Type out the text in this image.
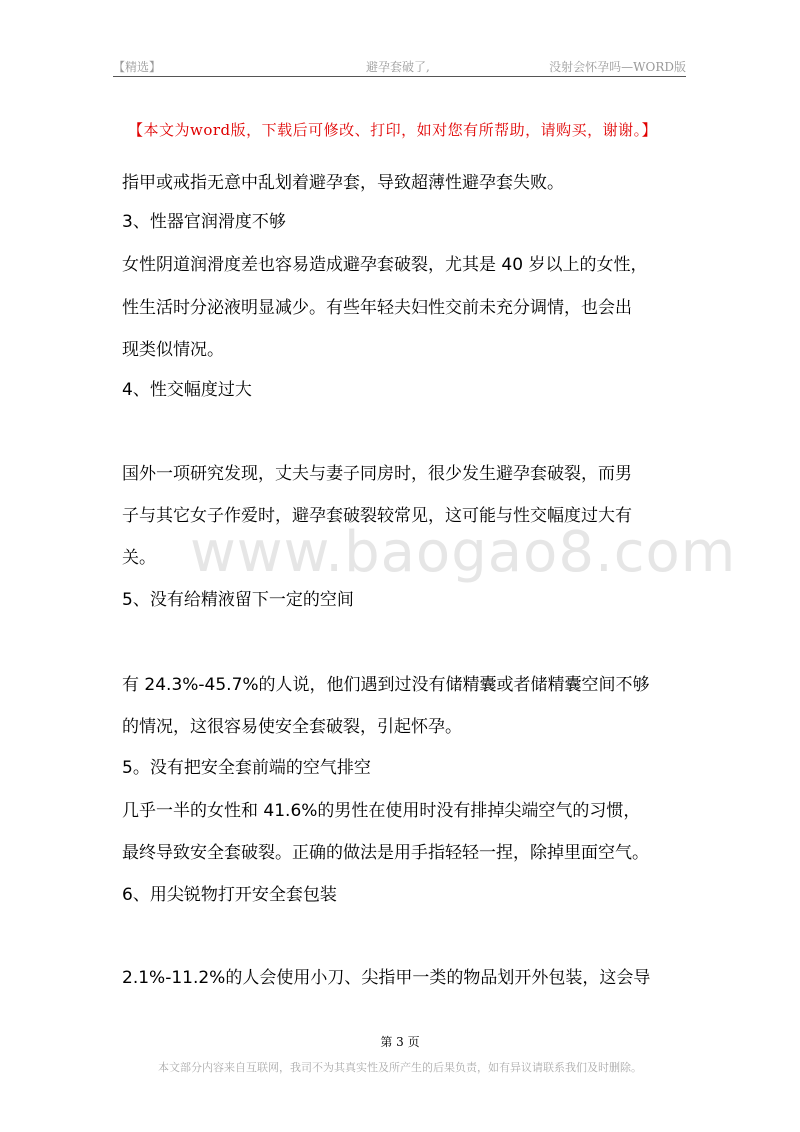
【精选】	避孕套破了,	没射会怀孕吗—WORD版
【本文为word版，下载后可修改、打印，如对您有所帮助，请购买，谢谢。】
www.baogao8.com
指甲或戒指无意中乱划着避孕套，导致超薄性避孕套失败。
3、性器官润滑度不够
女性阴道润滑度差也容易造成避孕套破裂，尤其是 40 岁以上的女性，
性生活时分泌液明显减少。有些年轻夫妇性交前未充分调情，也会出
现类似情况。
4、性交幅度过大
国外一项研究发现，丈夫与妻子同房时，很少发生避孕套破裂，而男
子与其它女子作爱时，避孕套破裂较常见，这可能与性交幅度过大有
关。
5、没有给精液留下一定的空间
有 24.3%-45.7%的人说，他们遇到过没有储精囊或者储精囊空间不够
的情况，这很容易使安全套破裂，引起怀孕。
5。没有把安全套前端的空气排空
几乎一半的女性和 41.6%的男性在使用时没有排掉尖端空气的习惯，
最终导致安全套破裂。正确的做法是用手指轻轻一捏，除掉里面空气。
6、用尖锐物打开安全套包装
2.1%-11.2%的人会使用小刀、尖指甲一类的物品划开外包装，这会导
第 3 页
本文部分内容来自互联网，我司不为其真实性及所产生的后果负责，如有异议请联系我们及时删除。
